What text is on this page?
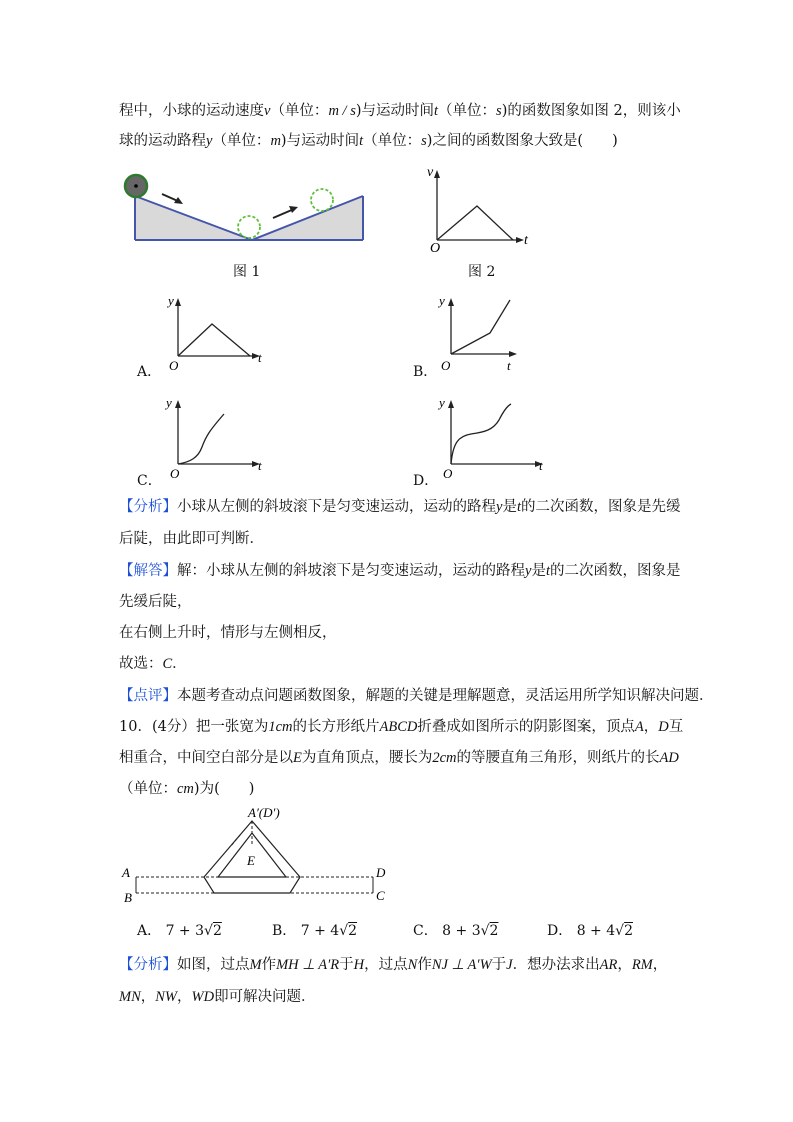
程中，小球的运动速度v（单位：m / s)与运动时间t（单位：s)的函数图象如图 2，则该小
球的运动路程y（单位：m)与运动时间t（单位：s)之间的函数图象大致是(　　)
图 1
v
t
O
图 2
A．
y
t
O	B．
y
t
O
C．
y
t
O	D．
y
t
O
【分析】小球从左侧的斜坡滚下是匀变速运动，运动的路程y是t的二次函数，图象是先缓
后陡，由此即可判断．
【解答】解：小球从左侧的斜坡滚下是匀变速运动，运动的路程y是t的二次函数，图象是
先缓后陡，
在右侧上升时，情形与左侧相反，
故选：C．
【点评】本题考查动点问题函数图象，解题的关键是理解题意，灵活运用所学知识解决问题．
10．(4分）把一张宽为1cm的长方形纸片ABCD折叠成如图所示的阴影图案，顶点A，D互
相重合，中间空白部分是以E为直角顶点，腰长为2cm的等腰直角三角形，则纸片的长AD
（单位：cm)为(　　)
A′(D′)
E
A
B
D
C
A． 7 + 3√2	B． 7 + 4√2	C． 8 + 3√2	D． 8 + 4√2
【分析】如图，过点M作MH ⊥ A′R于H，过点N作NJ ⊥ A′W于J．想办法求出AR，RM，
MN，NW，WD即可解决问题．
